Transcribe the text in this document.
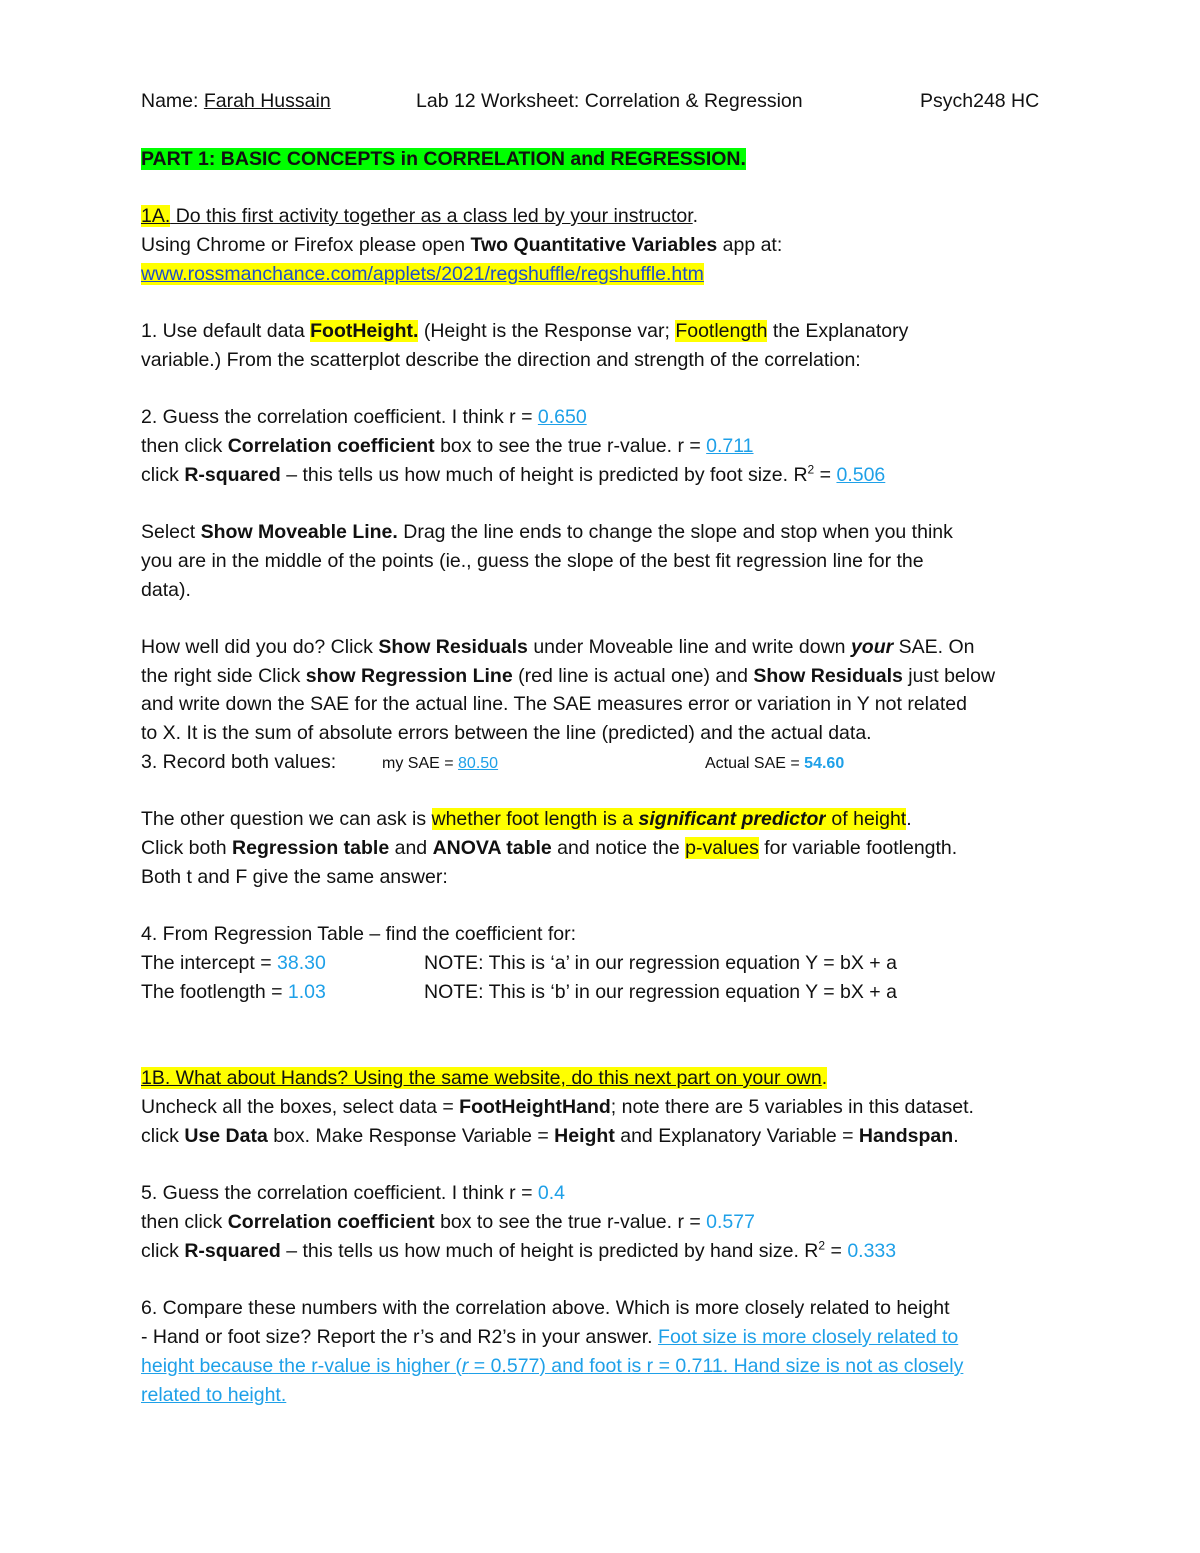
Name: Farah Hussain	Lab 12 Worksheet: Correlation & Regression	Psych248 HC
PART 1: BASIC CONCEPTS in CORRELATION and REGRESSION.
1A. Do this first activity together as a class led by your instructor.
Using Chrome or Firefox please open Two Quantitative Variables app at:
www.rossmanchance.com/applets/2021/regshuffle/regshuffle.htm
1. Use default data FootHeight. (Height is the Response var; Footlength the Explanatory
variable.) From the scatterplot describe the direction and strength of the correlation:
2. Guess the correlation coefficient. I think r = 0.650
then click Correlation coefficient box to see the true r-value. r = 0.711
click R-squared – this tells us how much of height is predicted by foot size. $R^2 = 0.506$
Select Show Moveable Line. Drag the line ends to change the slope and stop when you think
you are in the middle of the points (ie., guess the slope of the best fit regression line for the
data).
How well did you do? Click Show Residuals under Moveable line and write down your SAE. On
the right side Click show Regression Line (red line is actual one) and Show Residuals just below
and write down the SAE for the actual line. The SAE measures error or variation in Y not related
to X. It is the sum of absolute errors between the line (predicted) and the actual data.
3. Record both values:	my SAE = 80.50	Actual SAE = 54.60
The other question we can ask is whether foot length is a significant predictor of height.
Click both Regression table and ANOVA table and notice the p-values for variable footlength.
Both t and F give the same answer:
4. From Regression Table – find the coefficient for:
The intercept = 38.30	NOTE: This is ‘a’ in our regression equation Y = bX + a
The footlength = 1.03	NOTE: This is ‘b’ in our regression equation Y = bX + a
1B. What about Hands? Using the same website, do this next part on your own.
Uncheck all the boxes, select data = FootHeightHand; note there are 5 variables in this dataset.
click Use Data box. Make Response Variable = Height and Explanatory Variable = Handspan.
5. Guess the correlation coefficient. I think r = 0.4
then click Correlation coefficient box to see the true r-value. r = 0.577
click R-squared – this tells us how much of height is predicted by hand size. $R^2 = 0.333$
6. Compare these numbers with the correlation above. Which is more closely related to height
- Hand or foot size? Report the r’s and R2’s in your answer. Foot size is more closely related to
height because the r-value is higher (r = 0.577) and foot is r = 0.711. Hand size is not as closely
related to height.
